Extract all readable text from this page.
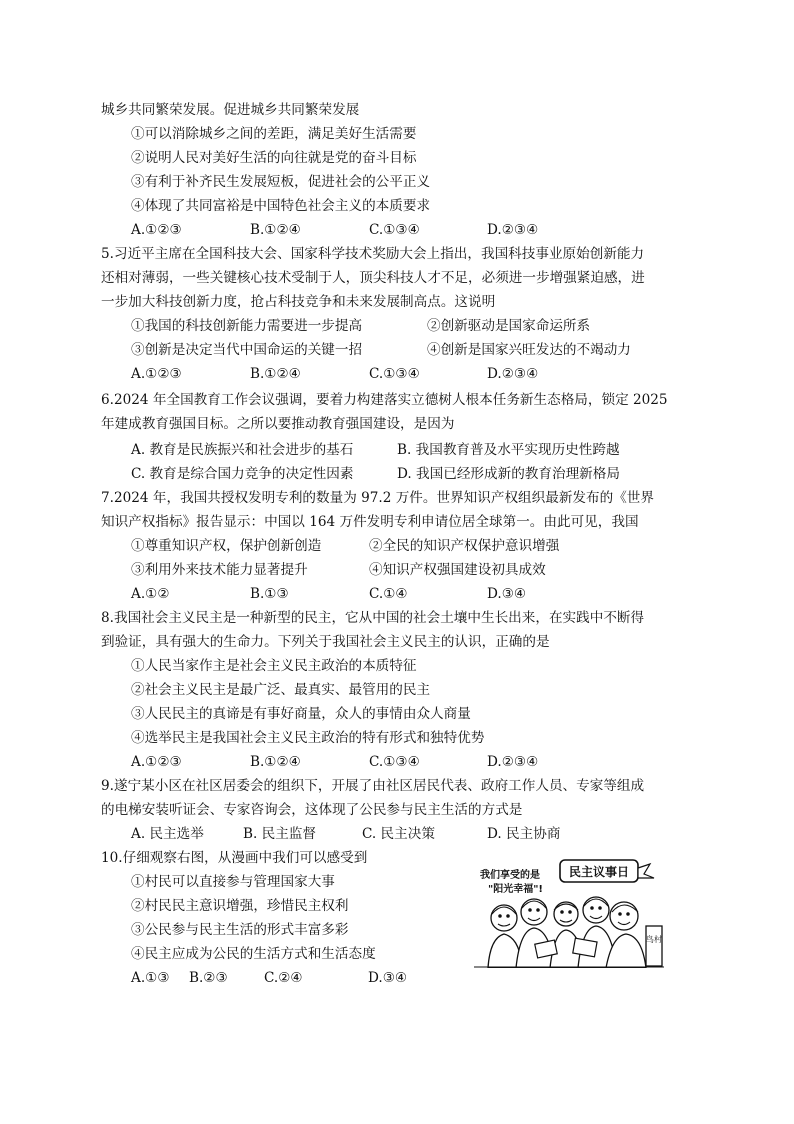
城乡共同繁荣发展。促进城乡共同繁荣发展
①可以消除城乡之间的差距，满足美好生活需要
②说明人民对美好生活的向往就是党的奋斗目标
③有利于补齐民生发展短板，促进社会的公平正义
④体现了共同富裕是中国特色社会主义的本质要求
A.①②③	B.①②④	C.①③④	D.②③④
5.习近平主席在全国科技大会、国家科学技术奖励大会上指出，我国科技事业原始创新能力
还相对薄弱，一些关键核心技术受制于人，顶尖科技人才不足，必须进一步增强紧迫感，进
一步加大科技创新力度，抢占科技竞争和未来发展制高点。这说明
①我国的科技创新能力需要进一步提高	②创新驱动是国家命运所系
③创新是决定当代中国命运的关键一招	④创新是国家兴旺发达的不竭动力
A.①②③	B.①②④	C.①③④	D.②③④
6.2024 年全国教育工作会议强调，要着力构建落实立德树人根本任务新生态格局，锁定 2025
年建成教育强国目标。之所以要推动教育强国建设，是因为
A. 教育是民族振兴和社会进步的基石	B. 我国教育普及水平实现历史性跨越
C. 教育是综合国力竞争的决定性因素	D. 我国已经形成新的教育治理新格局
7.2024 年，我国共授权发明专利的数量为 97.2 万件。世界知识产权组织最新发布的《世界
知识产权指标》报告显示：中国以 164 万件发明专利申请位居全球第一。由此可见，我国
①尊重知识产权，保护创新创造	②全民的知识产权保护意识增强
③利用外来技术能力显著提升	④知识产权强国建设初具成效
A.①②	B.①③	C.①④	D.③④
8.我国社会主义民主是一种新型的民主，它从中国的社会土壤中生长出来，在实践中不断得
到验证，具有强大的生命力。下列关于我国社会主义民主的认识，正确的是
①人民当家作主是社会主义民主政治的本质特征
②社会主义民主是最广泛、最真实、最管用的民主
③人民民主的真谛是有事好商量，众人的事情由众人商量
④选举民主是我国社会主义民主政治的特有形式和独特优势
A.①②③	B.①②④	C.①③④	D.②③④
9.遂宁某小区在社区居委会的组织下，开展了由社区居民代表、政府工作人员、专家等组成
的电梯安装听证会、专家咨询会，这体现了公民参与民主生活的方式是
A. 民主选举	B. 民主监督	C. 民主决策	D. 民主协商
10.仔细观察右图，从漫画中我们可以感受到
①村民可以直接参与管理国家大事
②村民民主意识增强，珍惜民主权利
③公民参与民主生活的形式丰富多彩
④民主应成为公民的生活方式和生活态度
A.①③ B.②③	C.②④	D.③④
民主议事日
我们享受的是
"阳光幸福"!
鸟村
